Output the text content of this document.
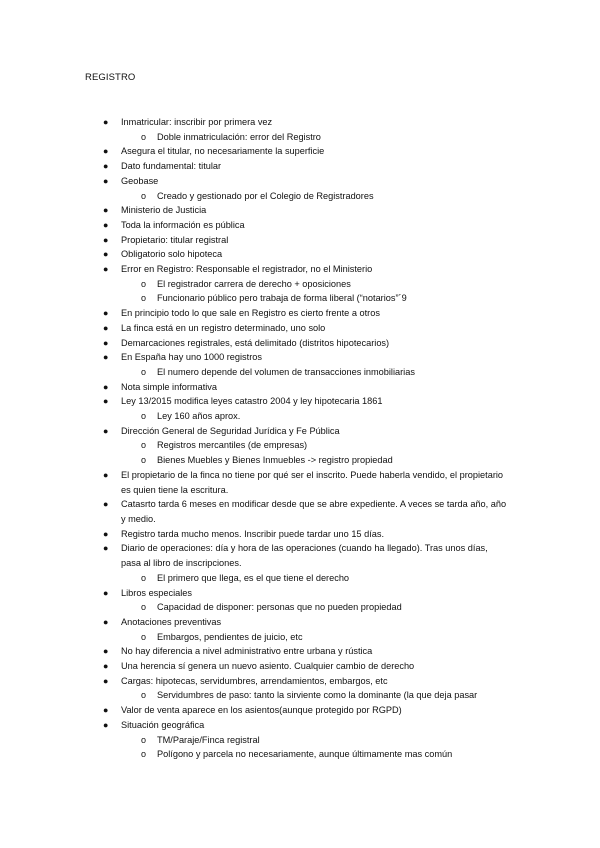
REGISTRO
● Inmatricular: inscribir por primera vez
o Doble inmatriculación: error del Registro
● Asegura el titular, no necesariamente la superficie
● Dato fundamental: titular
● Geobase
o Creado y gestionado por el Colegio de Registradores
● Ministerio de Justicia
● Toda la información es pública
● Propietario: titular registral
● Obligatorio solo hipoteca
● Error en Registro: Responsable el registrador, no el Ministerio
o El registrador carrera de derecho + oposiciones
o Funcionario público pero trabaja de forma liberal (“notarios”´9
● En principio todo lo que sale en Registro es cierto frente a otros
● La finca está en un registro determinado, uno solo
● Demarcaciones registrales, está delimitado (distritos hipotecarios)
● En España hay uno 1000 registros
o El numero depende del volumen de transacciones inmobiliarias
● Nota simple informativa
● Ley 13/2015 modifica leyes catastro 2004 y ley hipotecaria 1861
o Ley 160 años aprox.
● Dirección General de Seguridad Jurídica y Fe Pública
o Registros mercantiles (de empresas)
o Bienes Muebles y Bienes Inmuebles -> registro propiedad
● El propietario de la finca no tiene por qué ser el inscrito. Puede haberla vendido, el propietario es quien tiene la escritura.
● Catasrto tarda 6 meses en modificar desde que se abre expediente. A veces se tarda año, año y medio.
● Registro tarda mucho menos. Inscribir puede tardar uno 15 días.
● Diario de operaciones: día y hora de las operaciones (cuando ha llegado). Tras unos días, pasa al libro de inscripciones.
o El primero que llega, es el que tiene el derecho
● Libros especiales
o Capacidad de disponer: personas que no pueden propiedad
● Anotaciones preventivas
o Embargos, pendientes de juicio, etc
● No hay diferencia a nivel administrativo entre urbana y rústica
● Una herencia sí genera un nuevo asiento. Cualquier cambio de derecho
● Cargas: hipotecas, servidumbres, arrendamientos, embargos, etc
o Servidumbres de paso: tanto la sirviente como la dominante (la que deja pasar
● Valor de venta aparece en los asientos(aunque protegido por RGPD)
● Situación geográfica
o TM/Paraje/Finca registral
o Polígono y parcela no necesariamente, aunque últimamente mas común
